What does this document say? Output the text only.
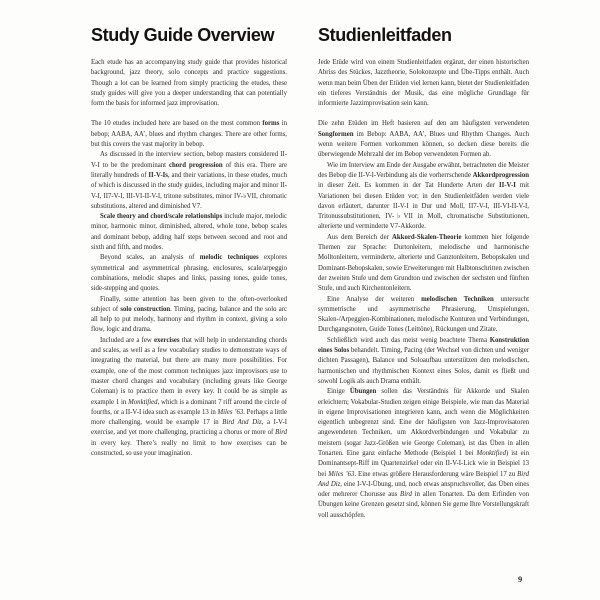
Study Guide Overview

Each etude has an accompanying study guide that provides historical background, jazz theory, solo concepts and practice suggestions. Though a lot can be learned from simply practicing the etudes, these study guides will give you a deeper understanding that can potentially form the basis for informed jazz improvisation.

The 10 etudes included here are based on the most common forms in bebop; AABA, AA’, blues and rhythm changes. There are other forms, but this covers the vast majority in bebop.

As discussed in the interview section, bebop masters considered II-V-I to be the predominant chord progression of this era. There are literally hundreds of II-V-Is, and their variations, in these etudes, much of which is discussed in the study guides, including major and minor II-V-I, II7-V-I, III-VI-II-V-I, tritone substitutes, minor IV-♭VII, chromatic substitutions, altered and diminished V7.

Scale theory and chord/scale relationships include major, melodic minor, harmonic minor, diminished, altered, whole tone, bebop scales and dominant bebop, adding half steps between second and root and sixth and fifth, and modes.

Beyond scales, an analysis of melodic techniques explores symmetrical and asymmetrical phrasing, enclosures, scale/arpeggio combinations, melodic shapes and links, passing tones, guide tones, side-stepping and quotes.

Finally, some attention has been given to the often-overlooked subject of solo construction. Timing, pacing, balance and the solo arc all help to put melody, harmony and rhythm in context, giving a solo flow, logic and drama.

Included are a few exercises that will help in understanding chords and scales, as well as a few vocabulary studies to demonstrate ways of integrating the material, but there are many more possibilities. For example, one of the most common techniques jazz improvisors use to master chord changes and vocabulary (including greats like George Coleman) is to practice them in every key. It could be as simple as example 1 in Monktified, which is a dominant 7 riff around the circle of fourths, or a II-V-I idea such as example 13 in Miles ’63. Perhaps a little more challenging, would be example 17 in Bird And Diz, a I-V-I exercise, and yet more challenging, practicing a chorus or more of Bird in every key. There’s really no limit to how exercises can be constructed, so use your imagination.

Studienleitfaden

Jede Etüde wird von einem Studienleitfaden ergänzt, der einen historischen Abriss des Stückes, Jazztheorie, Solokonzepte und Übe-Tipps enthält. Auch wenn man beim Üben der Etüden viel lernen kann, bietet der Studienleitfaden ein tieferes Verständnis der Musik, das eine mögliche Grundlage für informierte Jazzimprovisation sein kann.

Die zehn Etüden im Heft basieren auf den am häufigsten verwendeten Songformen im Bebop: AABA, AA’, Blues und Rhythm Changes. Auch wenn weitere Formen vorkommen können, so decken diese bereits die überwiegende Mehrzahl der im Bebop verwendeten Formen ab.

Wie im Interview am Ende der Ausgabe erwähnt, betrachteten die Meister des Bebop die II-V-I-Verbindung als die vorherrschende Akkordprogression in dieser Zeit. Es kommen in der Tat Hunderte Arten der II-V-I mit Variationen bei diesen Etüden vor; in den Studienleitfäden werden viele davon erläutert, darunter II-V-I in Dur und Moll, II7-V-I, III-VI-II-V-I, Tritonussubstitutionen, IV-♭VII in Moll, chromatische Substitutionen, alterierte und verminderte V7-Akkorde.

Aus dem Bereich der Akkord-Skalen-Theorie kommen hier folgende Themen zur Sprache: Durtonleitern, melodische und harmonische Molltonleitern, verminderte, alterierte und Ganztonleitern, Bebopskalen und Dominant-Bebopskalen, sowie Erweiterungen mit Halbtonschritten zwischen der zweiten Stufe und dem Grundton und zwischen der sechsten und fünften Stufe, und auch Kirchentonleitern.

Eine Analyse der weiteren melodischen Techniken untersucht symmetrische und asymmetrische Phrasierung, Umspielungen, Skalen-/Arpeggien-Kombinationen, melodische Konturen und Verbindungen, Durchgangsnoten, Guide Tones (Leittöne), Rückungen und Zitate.

Schließlich wird auch das meist wenig beachtete Thema Konstruktion eines Solos behandelt. Timing, Pacing (der Wechsel von dichten und weniger dichten Passagen), Balance und Soloaufbau unterstützen den melodischen, harmonischen und rhythmischen Kontext eines Solos, damit es fließt und sowohl Logik als auch Drama enthält.

Einige Übungen sollen das Verständnis für Akkorde und Skalen erleichtern; Vokabular-Studien zeigen einige Beispiele, wie man das Material in eigene Improvisationen integrieren kann, auch wenn die Möglichkeiten eigentlich unbegrenzt sind. Eine der häufigsten von Jazz-Improvisatoren angewendeten Techniken, um Akkordverbindungen und Vokabular zu meistern (sogar Jazz-Größen wie George Coleman), ist das Üben in allen Tonarten. Eine ganz einfache Methode (Beispiel 1 bei Monktified) ist ein Dominantsept-Riff im Quartenzirkel oder ein II-V-I-Lick wie in Beispiel 13 bei Miles ’63. Eine etwas größere Herausforderung wäre Beispiel 17 zu Bird And Diz, eine I-V-I-Übung, und, noch etwas anspruchsvoller, das Üben eines oder mehrerer Chorusse aus Bird in allen Tonarten. Da dem Erfinden von Übungen keine Grenzen gesetzt sind, können Sie gerne Ihre Vorstellungskraft voll ausschöpfen.

9
